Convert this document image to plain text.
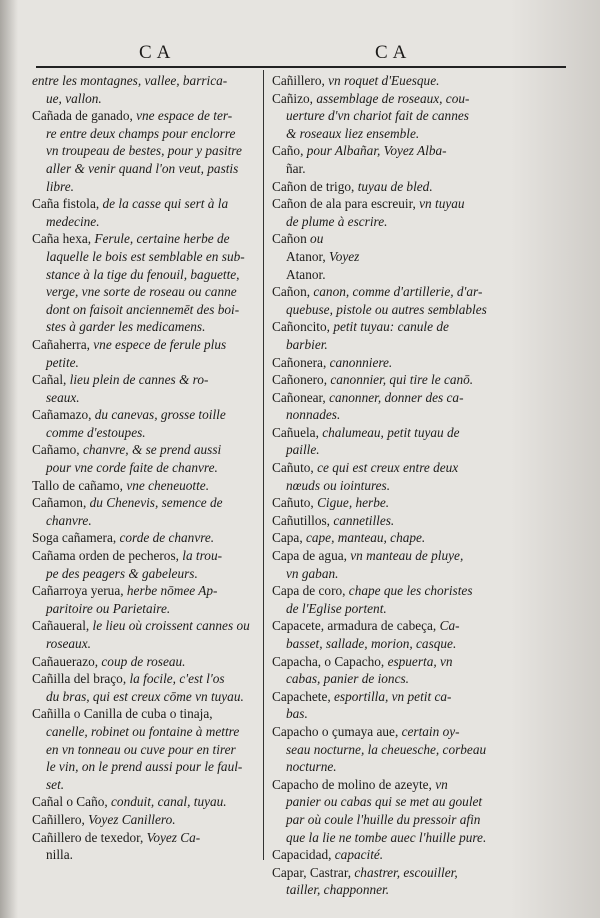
CA	CA
entre les montagnes, vallee, barrica-
ue, vallon.
Cañada de ganado, vne espace de ter-
re entre deux champs pour enclorre
vn troupeau de bestes, pour y pasitre
aller & venir quand l'on veut, pastis
libre.
Caña fistola, de la casse qui sert à la
medecine.
Caña hexa, Ferule, certaine herbe de
laquelle le bois est semblable en sub-
stance à la tige du fenouil, baguette,
verge, vne sorte de roseau ou canne
dont on faisoit anciennemēt des boi-
stes à garder les medicamens.
Cañaherra, vne espece de ferule plus
petite.
Cañal, lieu plein de cannes & ro-
seaux.
Cañamazo, du canevas, grosse toille
comme d'estoupes.
Cañamo, chanvre, & se prend aussi
pour vne corde faite de chanvre.
Tallo de cañamo, vne cheneuotte.
Cañamon, du Chenevis, semence de
chanvre.
Soga cañamera, corde de chanvre.
Cañama orden de pecheros, la trou-
pe des peagers & gabeleurs.
Cañarroya yerua, herbe nōmee Ap-
paritoire ou Parietaire.
Cañaueral, le lieu où croissent cannes ou
roseaux.
Cañauerazo, coup de roseau.
Cañilla del braço, la focile, c'est l'os
du bras, qui est creux cōme vn tuyau.
Cañilla o Canilla de cuba o tinaja,
canelle, robinet ou fontaine à mettre
en vn tonneau ou cuve pour en tirer
le vin, on le prend aussi pour le faul-
set.
Cañal o Caño, conduit, canal, tuyau.
Cañillero, Voyez Canillero.
Cañillero de texedor, Voyez Ca-
nilla.
Cañillero, vn roquet d'Euesque.
Cañizo, assemblage de roseaux, cou-
uerture d'vn chariot fait de cannes
& roseaux liez ensemble.
Caño, pour Albañar, Voyez Alba-
ñar.
Cañon de trigo, tuyau de bled.
Cañon de ala para escreuir, vn tuyau
de plume à escrire.
Cañon ou
Atanor, Voyez
Atanor.
Cañon, canon, comme d'artillerie, d'ar-
quebuse, pistole ou autres semblables
Cañoncito, petit tuyau: canule de
barbier.
Cañonera, canonniere.
Cañonero, canonnier, qui tire le canō.
Cañonear, canonner, donner des ca-
nonnades.
Cañuela, chalumeau, petit tuyau de
paille.
Cañuto, ce qui est creux entre deux
nœuds ou iointures.
Cañuto, Cigue, herbe.
Cañutillos, cannetilles.
Capa, cape, manteau, chape.
Capa de agua, vn manteau de pluye,
vn gaban.
Capa de coro, chape que les choristes
de l'Eglise portent.
Capacete, armadura de cabeça, Ca-
basset, sallade, morion, casque.
Capacha, o Capacho, espuerta, vn
cabas, panier de ioncs.
Capachete, esportilla, vn petit ca-
bas.
Capacho o çumaya aue, certain oy-
seau nocturne, la cheuesche, corbeau
nocturne.
Capacho de molino de azeyte, vn
panier ou cabas qui se met au goulet
par où coule l'huille du pressoir afin
que la lie ne tombe auec l'huille pure.
Capacidad, capacité.
Capar, Castrar, chastrer, escouiller,
tailler, chapponner.
